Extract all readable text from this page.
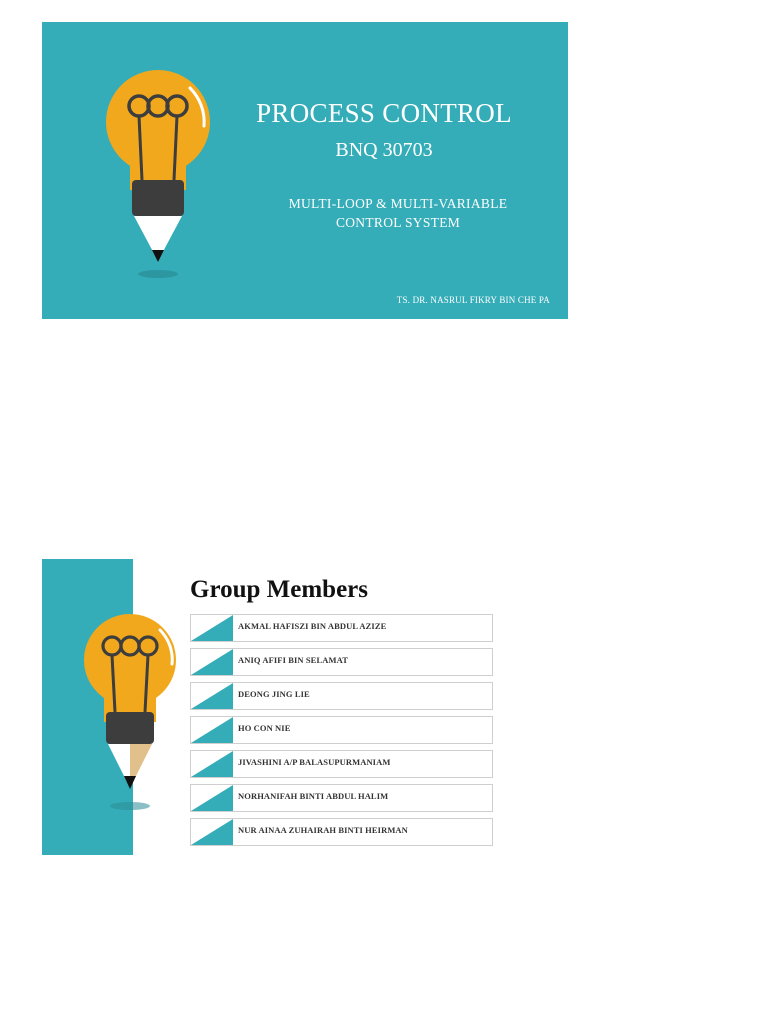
PROCESS CONTROL
BNQ 30703
MULTI-LOOP & MULTI-VARIABLE
CONTROL SYSTEM
TS. DR. NASRUL FIKRY BIN CHE PA
Group Members
AKMAL HAFISZI BIN ABDUL AZIZE
ANIQ AFIFI BIN SELAMAT
DEONG JING LIE
HO CON NIE
JIVASHINI A/P BALASUPURMANIAM
NORHANIFAH BINTI ABDUL HALIM
NUR AINAA ZUHAIRAH BINTI HEIRMAN
